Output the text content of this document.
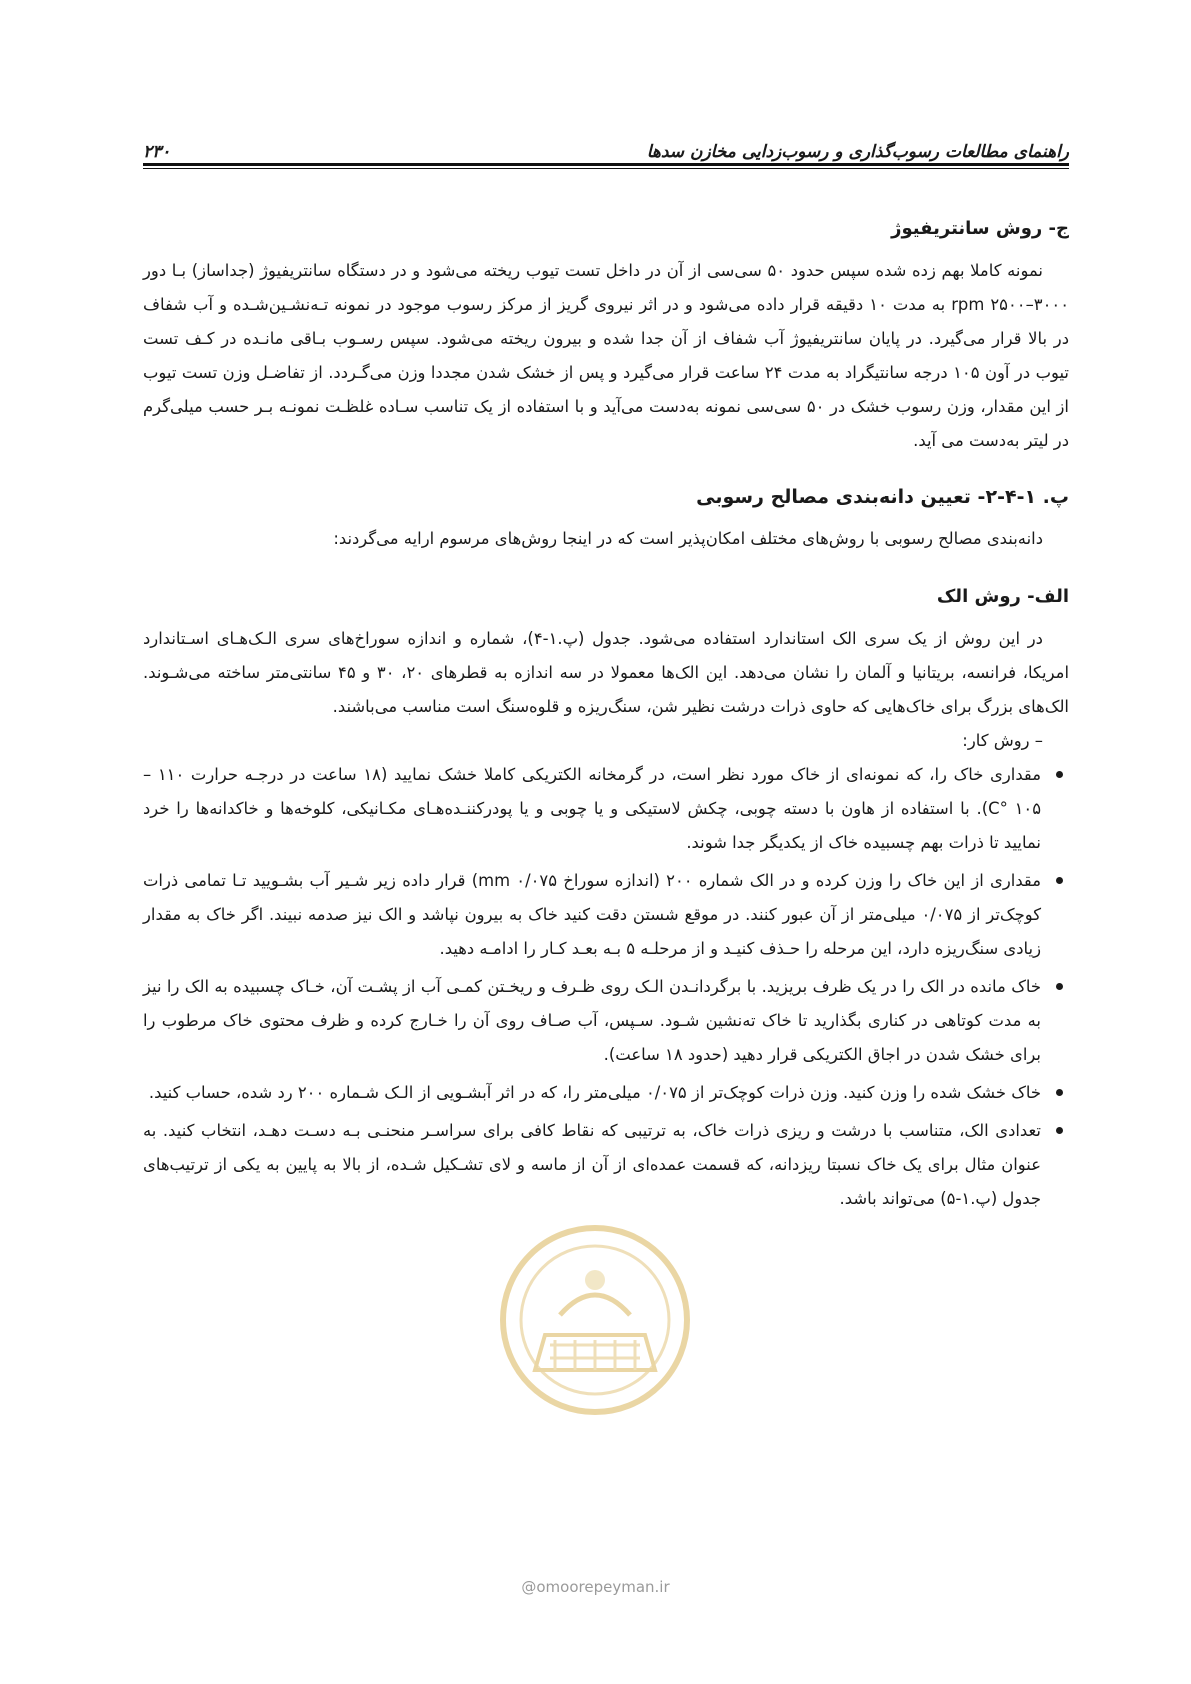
راهنمای مطالعات رسوب‌گذاری و رسوب‌زدایی مخازن سدها
۲۳۰
ج- روش سانتریفیوژ

نمونه کاملا بهم زده شده سپس حدود ۵۰ سی‌سی از آن در داخل تست تیوب ریخته می‌شود و در دستگاه سانتریفیوژ (جداساز) بـا دور ۳۰۰۰–۲۵۰۰ rpm به مدت ۱۰ دقیقه قرار داده می‌شود و در اثر نیروی گریز از مرکز رسوب موجود در نمونه تـه‌نشـین‌شـده و آب شفاف در بالا قرار می‌گیرد. در پایان سانتریفیوژ آب شفاف از آن جدا شده و بیرون ریخته می‌شود. سپس رسـوب بـاقی مانـده در کـف تست تیوب در آون ۱۰۵ درجه سانتیگراد به مدت ۲۴ ساعت قرار می‌گیرد و پس از خشک شدن مجددا وزن می‌گـردد. از تفاضـل وزن تست تیوب از این مقدار، وزن رسوب خشک در ۵۰ سی‌سی نمونه به‌دست می‌آید و با استفاده از یک تناسب سـاده غلظـت نمونـه بـر حسب میلی‌گرم در لیتر به‌دست می آید.

پ. ۱-۴-۲- تعیین دانه‌بندی مصالح رسوبی

دانه‌بندی مصالح رسوبی با روش‌های مختلف امکان‌پذیر است که در اینجا روش‌های مرسوم ارایه می‌گردند:

الف- روش الک

در این روش از یک سری الک استاندارد استفاده می‌شود. جدول (پ.۱-۴)، شماره و اندازه سوراخ‌های سری الـک‌هـای اسـتاندارد امریکا، فرانسه، بریتانیا و آلمان را نشان می‌دهد. این الک‌ها معمولا در سه اندازه به قطرهای ۲۰، ۳۰ و ۴۵ سانتی‌متر ساخته می‌شـوند. الک‌های بزرگ برای خاک‌هایی که حاوی ذرات درشت نظیر شن، سنگ‌ریزه و قلوه‌سنگ است مناسب می‌باشند.

– روش کار:
مقداری خاک را، که نمونه‌ای از خاک مورد نظر است، در گرمخانه الکتریکی کاملا خشک نمایید (۱۸ ساعت در درجـه حرارت ۱۱۰ – ۱۰۵ °C). با استفاده از هاون با دسته چوبی، چکش لاستیکی و یا چوبی و یا پودرکننـده‌هـای مکـانیکی، کلوخه‌ها و خاکدانه‌ها را خرد نمایید تا ذرات بهم چسبیده خاک از یکدیگر جدا شوند.
مقداری از این خاک را وزن کرده و در الک شماره ۲۰۰ (اندازه سوراخ ۰/۰۷۵ mm) قرار داده زیر شـیر آب بشـویید تـا تمامی ذرات کوچک‌تر از ۰/۰۷۵ میلی‌متر از آن عبور کنند. در موقع شستن دقت کنید خاک به بیرون نپاشد و الک نیز صدمه نبیند. اگر خاک به مقدار زیادی سنگ‌ریزه دارد، این مرحله را حـذف کنیـد و از مرحلـه ۵ بـه بعـد کـار را ادامـه دهید.
خاک مانده در الک را در یک ظرف بریزید. با برگردانـدن الـک روی ظـرف و ریخـتن کمـی آب از پشـت آن، خـاک چسبیده به الک را نیز به مدت کوتاهی در کناری بگذارید تا خاک ته‌نشین شـود. سـپس، آب صـاف روی آن را خـارج کرده و ظرف محتوی خاک مرطوب را برای خشک شدن در اجاق الکتریکی قرار دهید (حدود ۱۸ ساعت).
خاک خشک شده را وزن کنید. وزن ذرات کوچک‌تر از ۰/۰۷۵ میلی‌متر را، که در اثر آبشـویی از الـک شـماره ۲۰۰ رد شده، حساب کنید.
تعدادی الک، متناسب با درشت و ریزی ذرات خاک، به ترتیبی که نقاط کافی برای سراسـر منحنـی بـه دسـت دهـد، انتخاب کنید. به عنوان مثال برای یک خاک نسبتا ریزدانه، که قسمت عمده‌ای از آن از ماسه و لای تشـکیل شـده، از بالا به پایین به یکی از ترتیب‌های جدول (پ.۱-۵) می‌تواند باشد.
@omoorepeyman.ir
